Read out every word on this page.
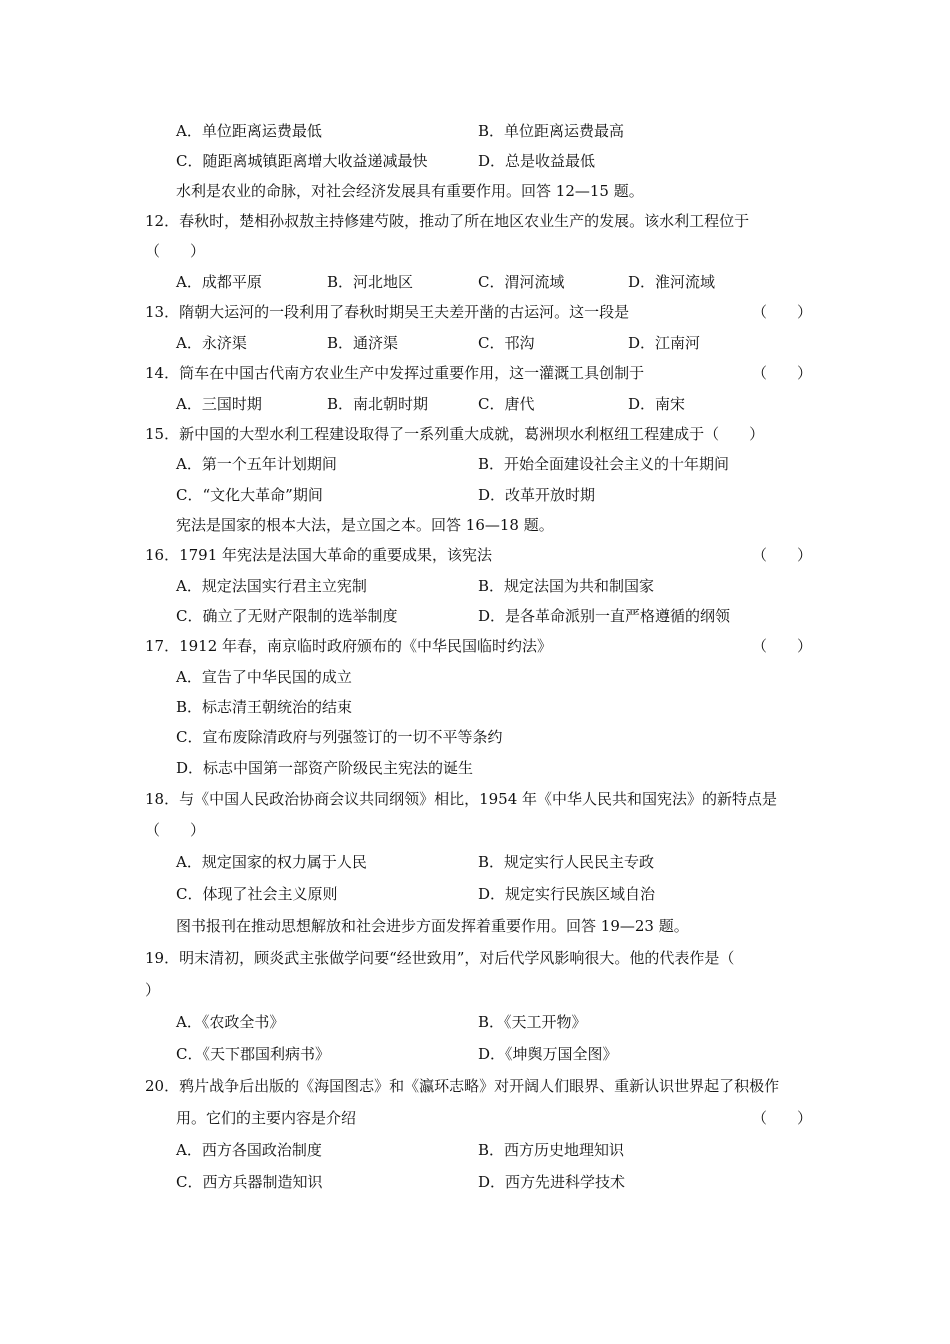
A．单位距离运费最低	B．单位距离运费最高
C．随距离城镇距离增大收益递减最快	D．总是收益最低
水利是农业的命脉，对社会经济发展具有重要作用。回答 12—15 题。
12．春秋时，楚相孙叔敖主持修建芍陂，推动了所在地区农业生产的发展。该水利工程位于
（　　）
A．成都平原	B．河北地区	C．渭河流域	D．淮河流域
13．隋朝大运河的一段利用了春秋时期吴王夫差开凿的古运河。这一段是	（　　）
A．永济渠	B．通济渠	C．邗沟	D．江南河
14．筒车在中国古代南方农业生产中发挥过重要作用，这一灌溉工具创制于	（　　）
A．三国时期	B．南北朝时期	C．唐代	D．南宋
15．新中国的大型水利工程建设取得了一系列重大成就，葛洲坝水利枢纽工程建成于（　　）
A．第一个五年计划期间	B．开始全面建设社会主义的十年期间
C．“文化大革命”期间	D．改革开放时期
宪法是国家的根本大法，是立国之本。回答 16—18 题。
16．1791 年宪法是法国大革命的重要成果，该宪法	（　　）
A．规定法国实行君主立宪制	B．规定法国为共和制国家
C．确立了无财产限制的选举制度	D．是各革命派别一直严格遵循的纲领
17．1912 年春，南京临时政府颁布的《中华民国临时约法》	（　　）
A．宣告了中华民国的成立
B．标志清王朝统治的结束
C．宣布废除清政府与列强签订的一切不平等条约
D．标志中国第一部资产阶级民主宪法的诞生
18．与《中国人民政治协商会议共同纲领》相比，1954 年《中华人民共和国宪法》的新特点是
（　　）
A．规定国家的权力属于人民	B．规定实行人民民主专政
C．体现了社会主义原则	D．规定实行民族区域自治
图书报刊在推动思想解放和社会进步方面发挥着重要作用。回答 19—23 题。
19．明末清初，顾炎武主张做学问要“经世致用”，对后代学风影响很大。他的代表作是（
）
A．《农政全书》	B．《天工开物》
C．《天下郡国利病书》	D．《坤舆万国全图》
20．鸦片战争后出版的《海国图志》和《瀛环志略》对开阔人们眼界、重新认识世界起了积极作
用。它们的主要内容是介绍	（　　）
A．西方各国政治制度	B．西方历史地理知识
C．西方兵器制造知识	D．西方先进科学技术
